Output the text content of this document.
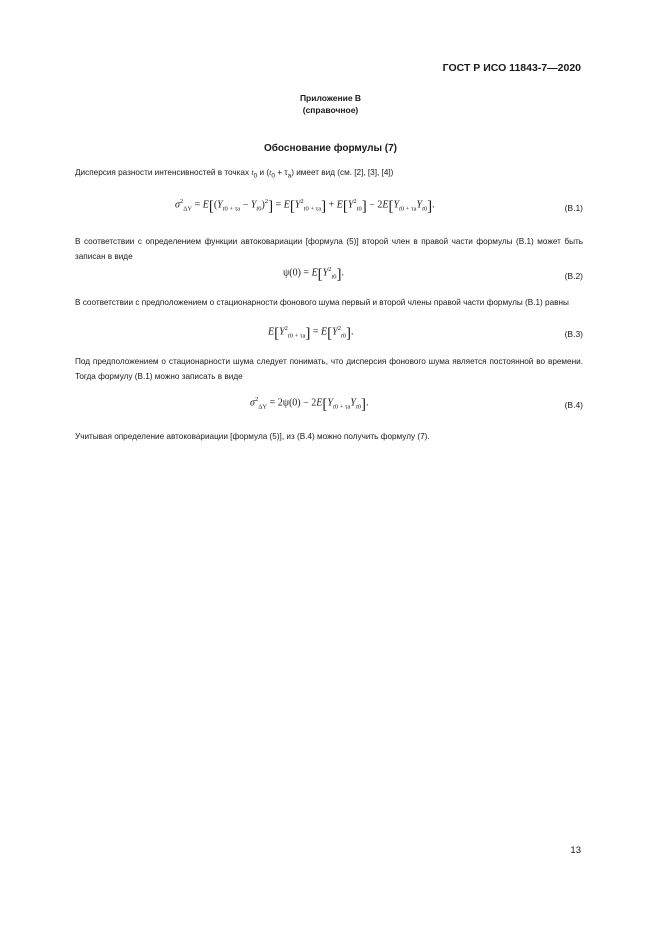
ГОСТ Р ИСО 11843-7—2020
Приложение В
(справочное)
Обоснование формулы (7)
Дисперсия разности интенсивностей в точках $t_0$ и $(t_0 + \tau_a)$ имеет вид (см. [2], [3], [4])
$\sigma^2_{\Delta Y} = E[(Y_{t0 + \tau a} - Y_{t0})^2] = E[Y^2_{t0 + \tau a}] + E[Y^2_{t0}] - 2E[Y_{t0 + \tau a}Y_{t0}]$.	(В.1)
В соответствии с определением функции автоковариации [формула (5)] второй член в правой части формулы (В.1) может быть записан в виде
$\psi(0) = E[Y^2_{t0}]$.	(В.2)
В соответствии с предположением о стационарности фонового шума первый и второй члены правой части формулы (В.1) равны
$E[Y^2_{t0 + \tau a}] = E[Y^2_{t0}]$.	(В.3)
Под предположением о стационарности шума следует понимать, что дисперсия фонового шума является постоянной во времени. Тогда формулу (В.1) можно записать в виде
$\sigma^2_{\Delta Y} = 2\psi(0) - 2E[Y_{t0 + \tau a}Y_{t0}]$.	(В.4)
Учитывая определение автоковариации [формула (5)], из (В.4) можно получить формулу (7).
13
